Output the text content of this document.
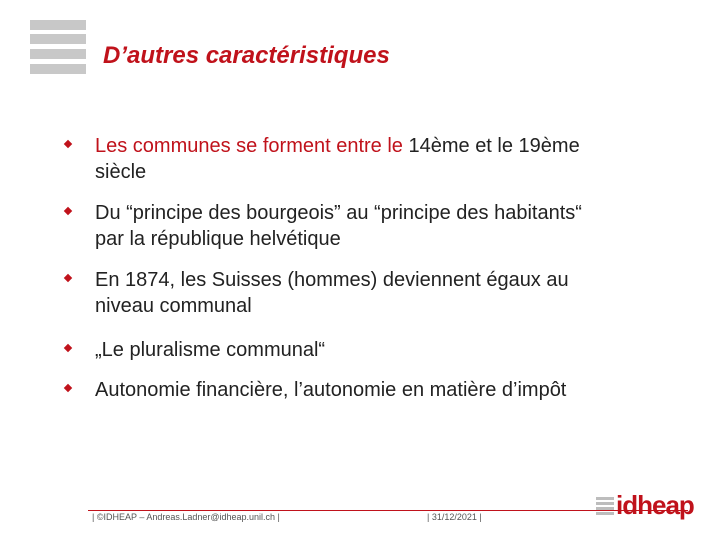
D’autres caractéristiques
Les communes se forment entre le 14ème et le 19ème
siècle
Du “principe des bourgeois” au “principe des habitants“
par la république helvétique
En 1874, les Suisses (hommes) deviennent égaux au
niveau communal
„Le pluralisme communal“
Autonomie financière, l’autonomie en matière d’impôt
| ©IDHEAP – Andreas.Ladner@idheap.unil.ch |	| 31/12/2021 |	idheap
